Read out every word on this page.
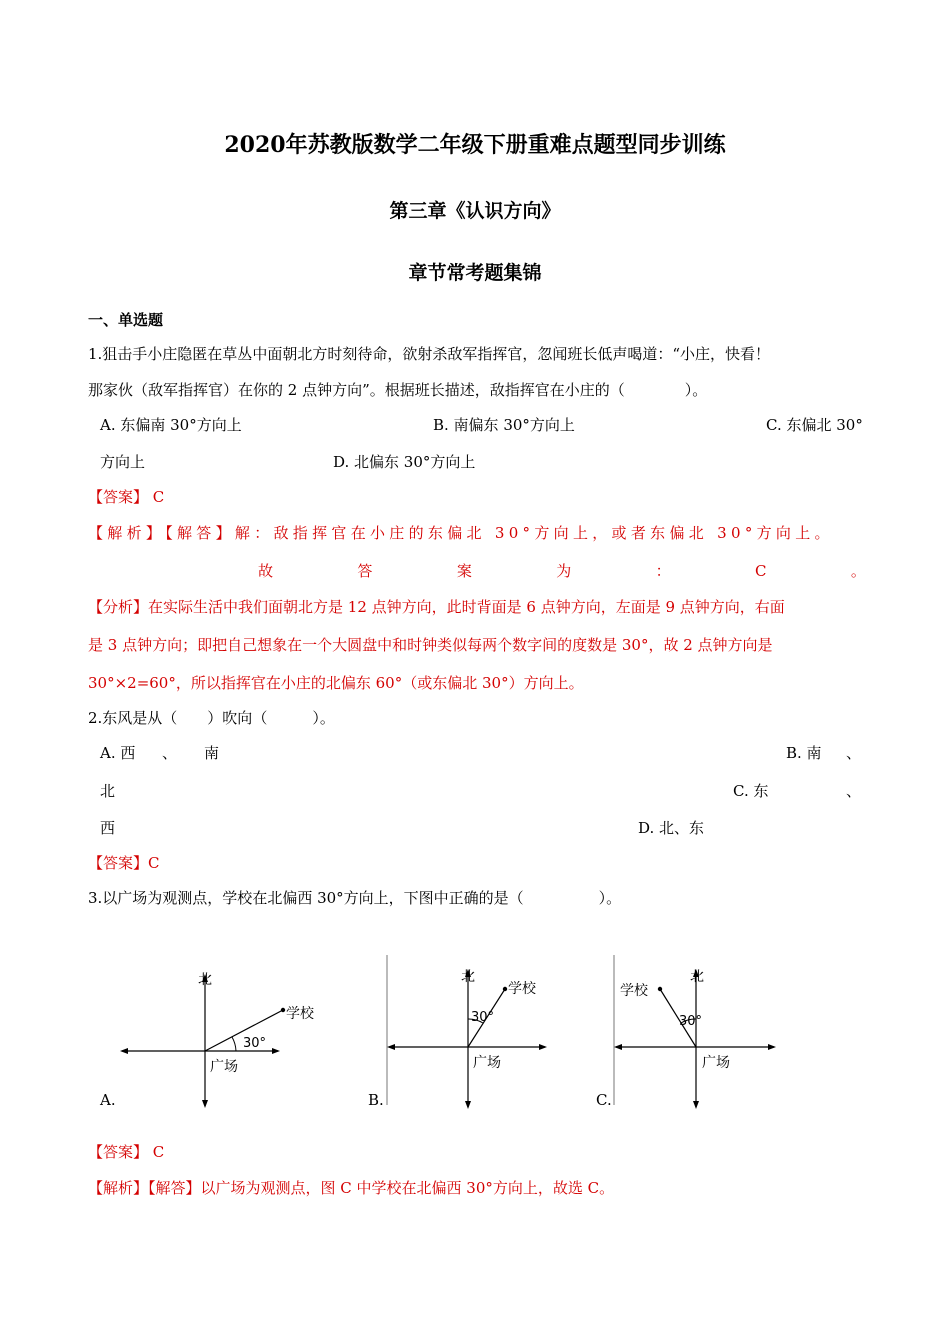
2020年苏教版数学二年级下册重难点题型同步训练
第三章《认识方向》
章节常考题集锦
一、单选题
1.狙击手小庄隐匿在草丛中面朝北方时刻待命，欲射杀敌军指挥官，忽闻班长低声喝道：“小庄，快看！
那家伙（敌军指挥官）在你的 2 点钟方向”。根据班长描述，敌指挥官在小庄的（　　　　）。
A. 东偏南 30°方向上	B. 南偏东 30°方向上	C. 东偏北 30°
方向上	D. 北偏东 30°方向上
【答案】 C
【解析】【解答】解：敌指挥官在小庄的东偏北 30°方向上，或者东偏北 30°方向上。
故	答	案	为	：	C	。
【分析】在实际生活中我们面朝北方是 12 点钟方向，此时背面是 6 点钟方向，左面是 9 点钟方向，右面
是 3 点钟方向；即把自己想象在一个大圆盘中和时钟类似每两个数字间的度数是 30°，故 2 点钟方向是
30°×2=60°，所以指挥官在小庄的北偏东 60°（或东偏北 30°）方向上。
2.东风是从（　　）吹向（　　　）。
A. 西 、 南	B. 南 、
北	C. 东	、
西	D. 北、东
【答案】C
3.以广场为观测点，学校在北偏西 30°方向上，下图中正确的是（　　　　　）。
北
学校
30°
广场
A.
北
学校
30°
广场
B.
北
学校
30°
广场
C.
【答案】 C
【解析】【解答】以广场为观测点，图 C 中学校在北偏西 30°方向上，故选 C。
